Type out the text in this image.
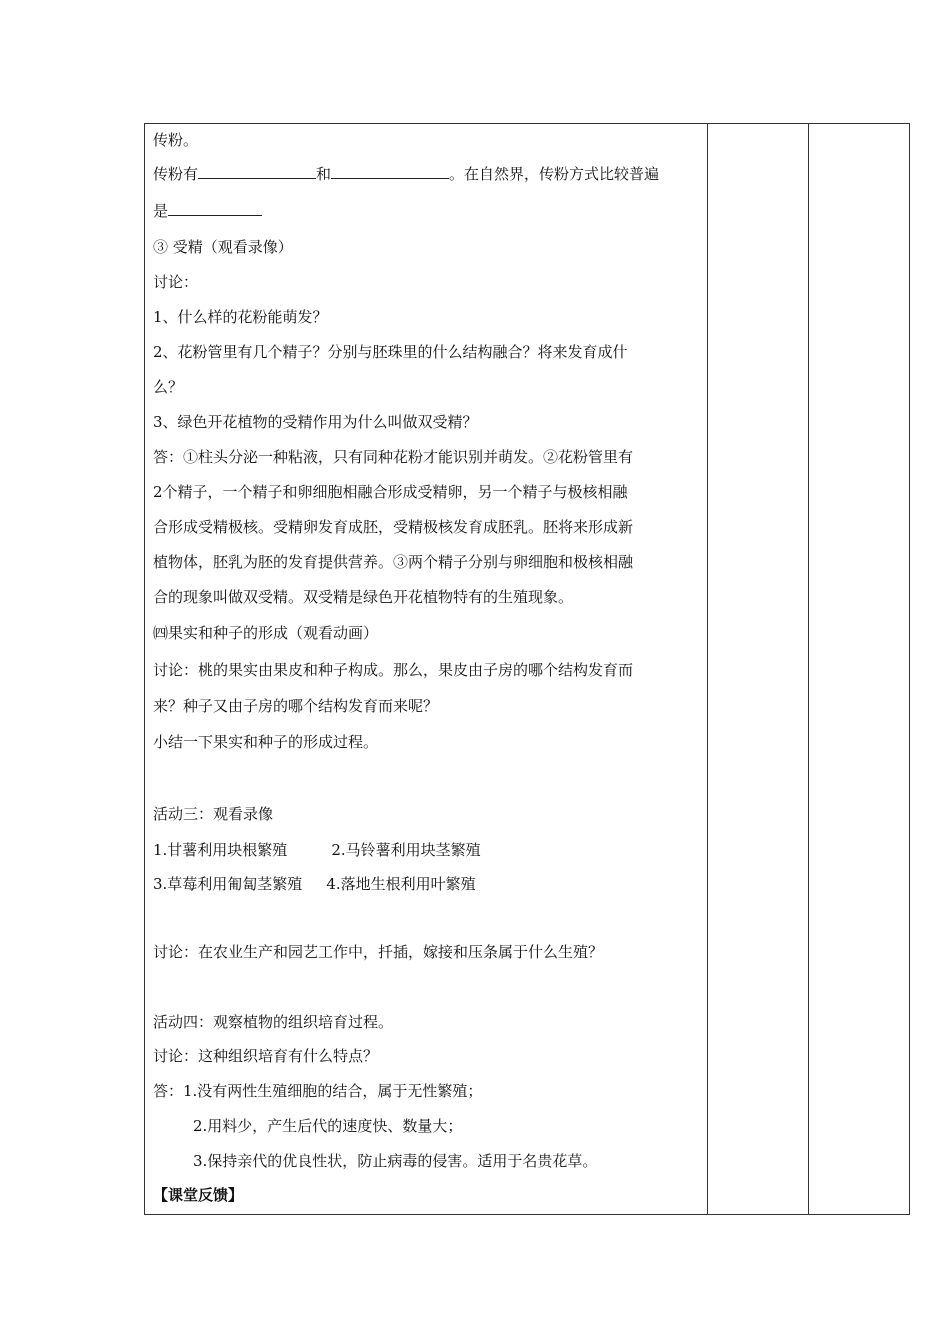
传粉。
传粉有	和	。在自然界，传粉方式比较普遍
是
③ 受精（观看录像）
讨论：
1、什么样的花粉能萌发？
2、花粉管里有几个精子？分别与胚珠里的什么结构融合？将来发育成什
么？
3、绿色开花植物的受精作用为什么叫做双受精？
答：①柱头分泌一种粘液，只有同种花粉才能识别并萌发。②花粉管里有
2个精子，一个精子和卵细胞相融合形成受精卵，另一个精子与极核相融
合形成受精极核。受精卵发育成胚，受精极核发育成胚乳。胚将来形成新
植物体，胚乳为胚的发育提供营养。③两个精子分别与卵细胞和极核相融
合的现象叫做双受精。双受精是绿色开花植物特有的生殖现象。
㈣果实和种子的形成（观看动画）
讨论：桃的果实由果皮和种子构成。那么，果皮由子房的哪个结构发育而
来？种子又由子房的哪个结构发育而来呢？
小结一下果实和种子的形成过程。
活动三：观看录像
1.甘薯利用块根繁殖	2.马铃薯利用块茎繁殖
3.草莓利用匍匐茎繁殖 4.落地生根利用叶繁殖
讨论：在农业生产和园艺工作中，扦插，嫁接和压条属于什么生殖？
活动四：观察植物的组织培育过程。
讨论：这种组织培育有什么特点？
答：1.没有两性生殖细胞的结合，属于无性繁殖；
2.用料少，产生后代的速度快、数量大；
3.保持亲代的优良性状，防止病毒的侵害。适用于名贵花草。
【课堂反馈】
